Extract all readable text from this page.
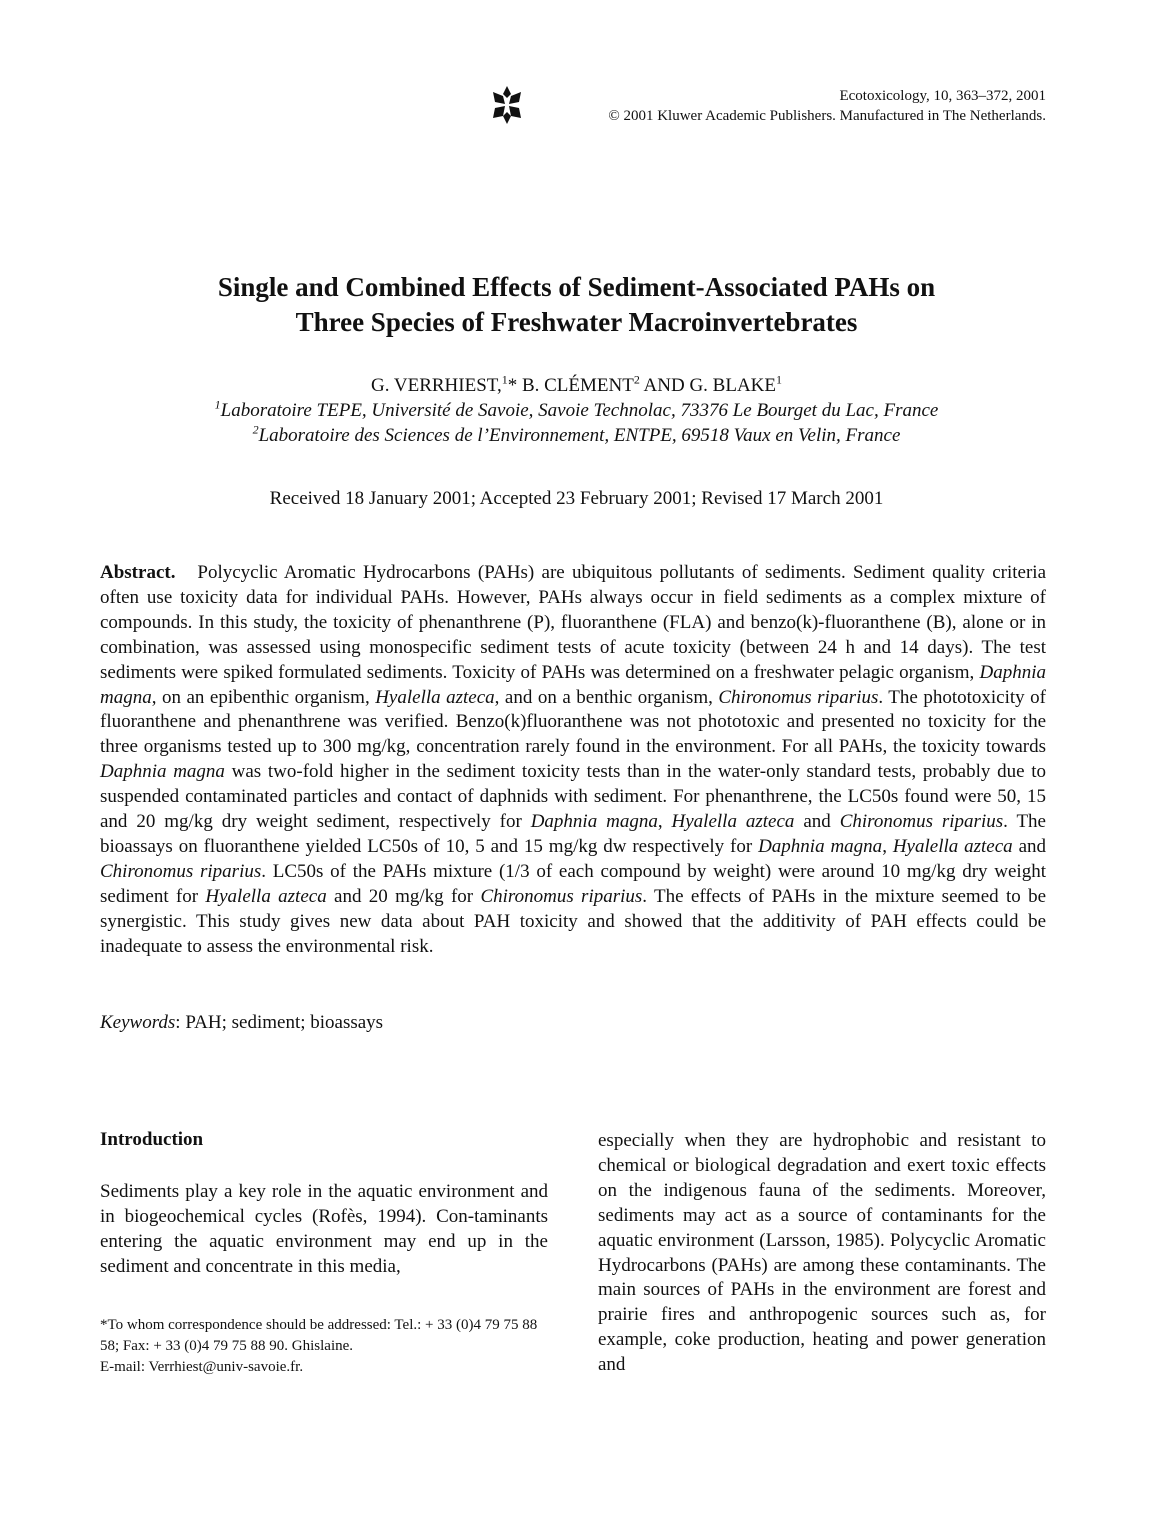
Ecotoxicology, 10, 363–372, 2001
© 2001 Kluwer Academic Publishers. Manufactured in The Netherlands.
Single and Combined Effects of Sediment-Associated PAHs on
Three Species of Freshwater Macroinvertebrates
G. VERRHIEST,$^1$* B. CLÉMENT$^2$ AND G. BLAKE$^1$
$^1$Laboratoire TEPE, Université de Savoie, Savoie Technolac, 73376 Le Bourget du Lac, France
$^2$Laboratoire des Sciences de l’Environnement, ENTPE, 69518 Vaux en Velin, France
Received 18 January 2001; Accepted 23 February 2001; Revised 17 March 2001
Abstract. Polycyclic Aromatic Hydrocarbons (PAHs) are ubiquitous pollutants of sediments. Sediment quality criteria often use toxicity data for individual PAHs. However, PAHs always occur in field sediments as a complex mixture of compounds. In this study, the toxicity of phenanthrene (P), fluoranthene (FLA) and benzo(k)-fluoranthene (B), alone or in combination, was assessed using monospecific sediment tests of acute toxicity (between 24 h and 14 days). The test sediments were spiked formulated sediments. Toxicity of PAHs was determined on a freshwater pelagic organism, Daphnia magna, on an epibenthic organism, Hyalella azteca, and on a benthic organism, Chironomus riparius. The phototoxicity of fluoranthene and phenanthrene was verified. Benzo(k)fluoranthene was not phototoxic and presented no toxicity for the three organisms tested up to 300 mg/kg, concentration rarely found in the environment. For all PAHs, the toxicity towards Daphnia magna was two-fold higher in the sediment toxicity tests than in the water-only standard tests, probably due to suspended contaminated particles and contact of daphnids with sediment. For phenanthrene, the LC50s found were 50, 15 and 20 mg/kg dry weight sediment, respectively for Daphnia magna, Hyalella azteca and Chironomus riparius. The bioassays on fluoranthene yielded LC50s of 10, 5 and 15 mg/kg dw respectively for Daphnia magna, Hyalella azteca and Chironomus riparius. LC50s of the PAHs mixture (1/3 of each compound by weight) were around 10 mg/kg dry weight sediment for Hyalella azteca and 20 mg/kg for Chironomus riparius. The effects of PAHs in the mixture seemed to be synergistic. This study gives new data about PAH toxicity and showed that the additivity of PAH effects could be inadequate to assess the environmental risk.
Keywords: PAH; sediment; bioassays
Introduction
Sediments play a key role in the aquatic environment and in biogeochemical cycles (Rofès, 1994). Con-taminants entering the aquatic environment may end up in the sediment and concentrate in this media,
especially when they are hydrophobic and resistant to chemical or biological degradation and exert toxic effects on the indigenous fauna of the sediments. Moreover, sediments may act as a source of contaminants for the aquatic environment (Larsson, 1985). Polycyclic Aromatic Hydrocarbons (PAHs) are among these contaminants. The main sources of PAHs in the environment are forest and prairie fires and anthropogenic sources such as, for example, coke production, heating and power generation and
*To whom correspondence should be addressed: Tel.: + 33 (0)4 79 75 88 58; Fax: + 33 (0)4 79 75 88 90. Ghislaine.
E-mail: Verrhiest@univ-savoie.fr.
